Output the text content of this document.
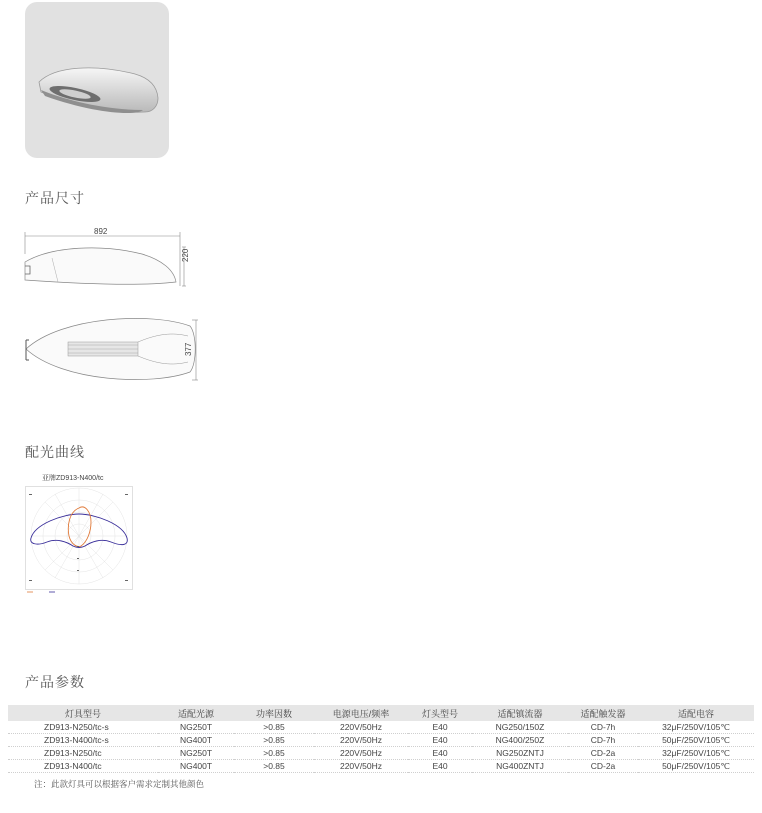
产品尺寸
892
220
377
配光曲线
亚牌ZD913-N400/tc
产品参数
灯具型号	适配光源	功率因数	电源电压/频率	灯头型号	适配镇流器	适配触发器	适配电容
ZD913-N250/tc-s	NG250T	>0.85	220V/50Hz	E40	NG250/150Z	CD-7h	32μF/250V/105℃
ZD913-N400/tc-s	NG400T	>0.85	220V/50Hz	E40	NG400/250Z	CD-7h	50μF/250V/105℃
ZD913-N250/tc	NG250T	>0.85	220V/50Hz	E40	NG250ZNTJ	CD-2a	32μF/250V/105℃
ZD913-N400/tc	NG400T	>0.85	220V/50Hz	E40	NG400ZNTJ	CD-2a	50μF/250V/105℃
注：此款灯具可以根据客户需求定制其他颜色
